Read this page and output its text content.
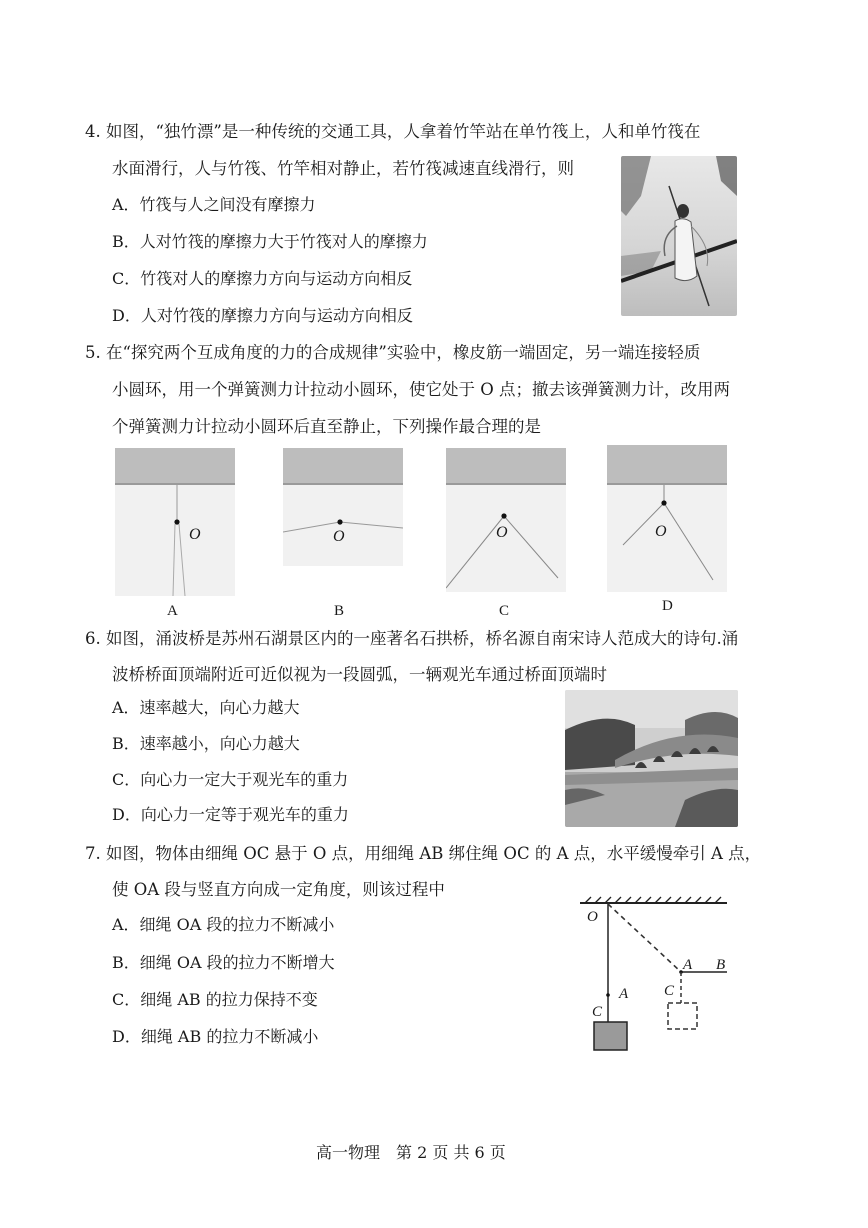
4. 如图，“独竹漂”是一种传统的交通工具，人拿着竹竿站在单竹筏上，人和单竹筏在
水面滑行，人与竹筏、竹竿相对静止，若竹筏减速直线滑行，则
A．竹筏与人之间没有摩擦力
B．人对竹筏的摩擦力大于竹筏对人的摩擦力
C．竹筏对人的摩擦力方向与运动方向相反
D．人对竹筏的摩擦力方向与运动方向相反
5. 在“探究两个互成角度的力的合成规律”实验中，橡皮筋一端固定，另一端连接轻质
小圆环，用一个弹簧测力计拉动小圆环，使它处于 O 点；撤去该弹簧测力计，改用两
个弹簧测力计拉动小圆环后直至静止，下列操作最合理的是
O
A
O
B
O
C
O
D
6. 如图，涌波桥是苏州石湖景区内的一座著名石拱桥，桥名源自南宋诗人范成大的诗句.涌
波桥桥面顶端附近可近似视为一段圆弧，一辆观光车通过桥面顶端时
A．速率越大，向心力越大
B．速率越小，向心力越大
C．向心力一定大于观光车的重力
D．向心力一定等于观光车的重力
7. 如图，物体由细绳 OC 悬于 O 点，用细绳 AB 绑住绳 OC 的 A 点，水平缓慢牵引 A 点，
使 OA 段与竖直方向成一定角度，则该过程中
A．细绳 OA 段的拉力不断减小
B．细绳 OA 段的拉力不断增大
C．细绳 AB 的拉力保持不变
D．细绳 AB 的拉力不断减小
O
A
C
A B
C
高一物理　第 2 页 共 6 页
